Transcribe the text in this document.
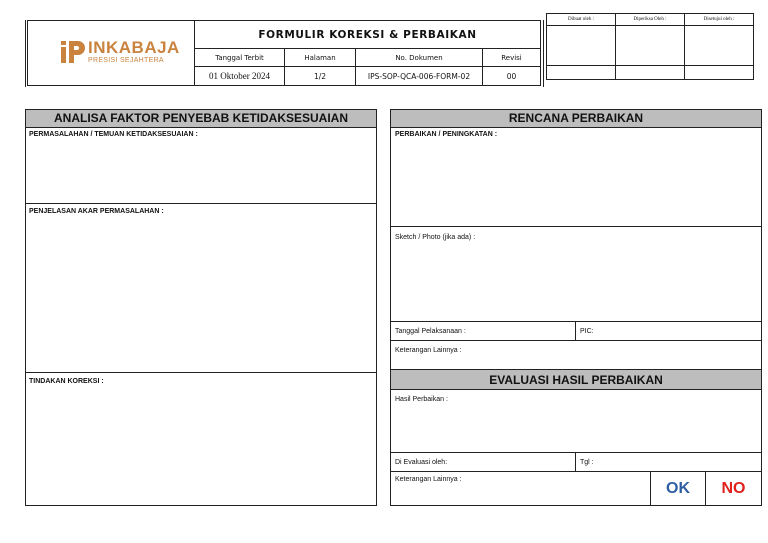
INKABAJA
PRESISI SEJAHTERA
FORMULIR KOREKSI & PERBAIKAN
Tanggal Terbit	Halaman	No. Dokumen	Revisi
01 Oktober 2024	1/2	IPS-SOP-QCA-006-FORM-02	00
Dibuat oleh :	Diperiksa Oleh :	Disetujui oleh :
ANALISA FAKTOR PENYEBAB KETIDAKSESUAIAN
PERMASALAHAN / TEMUAN KETIDAKSESUAIAN :
PENJELASAN AKAR PERMASALAHAN :
TINDAKAN KOREKSI :
RENCANA PERBAIKAN
PERBAIKAN / PENINGKATAN :
Sketch / Photo (jika ada) :
Tanggal Pelaksanaan :	PIC:
Keterangan Lainnya :
EVALUASI HASIL PERBAIKAN
Hasil Perbaikan :
Di Evaluasi oleh:	Tgl :
Keterangan Lainnya :	OK NO
